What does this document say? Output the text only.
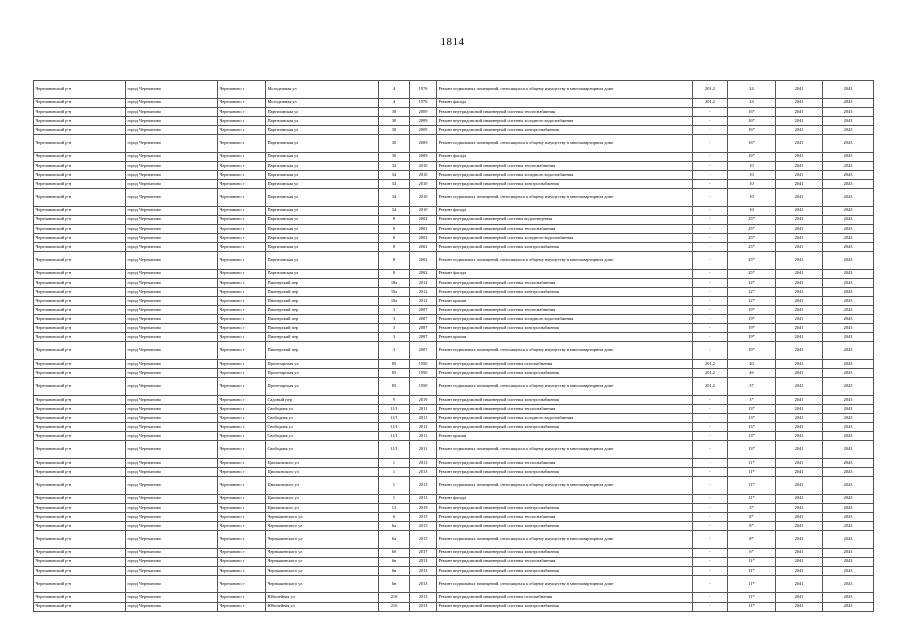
1814
Черепановский р-н	город Черепаново	Черепаново г	Молодежная ул	4	1976	Ремонт подвальных помещений, относящихся к общему имуществу в многоквартирном доме	201,2	24	2041	2043
Черепановский р-н	город Черепаново	Черепаново г	Молодежная ул	4	1976	Ремонт фасада	201,2	24	2041	2043
Черепановский р-н	город Черепаново	Черепаново г	Партизанская ул	30	2009	Ремонт внутридомовой инженерной системы теплоснабжения	-	16*	2041	2043
Черепановский р-н	город Черепаново	Черепаново г	Партизанская ул	30	2009	Ремонт внутридомовой инженерной системы холодного водоснабжения	-	16*	2041	2043
Черепановский р-н	город Черепаново	Черепаново г	Партизанская ул	30	2009	Ремонт внутридомовой инженерной системы электроснабжения	-	16*	2041	2043
Черепановский р-н	город Черепаново	Черепаново г	Партизанская ул	30	2009	Ремонт подвальных помещений, относящихся к общему имуществу в многоквартирном доме	-	16*	2041	2043
Черепановский р-н	город Черепаново	Черепаново г	Партизанская ул	30	2009	Ремонт фасада	-	16*	2041	2043
Черепановский р-н	город Черепаново	Черепаново г	Партизанская ул	34	2010	Ремонт внутридомовой инженерной системы теплоснабжения	-	10	2041	2043
Черепановский р-н	город Черепаново	Черепаново г	Партизанская ул	34	2010	Ремонт внутридомовой инженерной системы холодного водоснабжения	-	10	2041	2043
Черепановский р-н	город Черепаново	Черепаново г	Партизанская ул	34	2010	Ремонт внутридомовой инженерной системы электроснабжения	-	10	2041	2043
Черепановский р-н	город Черепаново	Черепаново г	Партизанская ул	34	2010	Ремонт подвальных помещений, относящихся к общему имуществу в многоквартирном доме	-	10	2041	2043
Черепановский р-н	город Черепаново	Черепаново г	Партизанская ул	34	2010	Ремонт фасада	-	10	2041	2043
Черепановский р-н	город Черепаново	Черепаново г	Партизанская ул	8	2002	Ремонт внутридомовой инженерной системы водоотведения	-	25*	2041	2043
Черепановский р-н	город Черепаново	Черепаново г	Партизанская ул	8	2002	Ремонт внутридомовой инженерной системы теплоснабжения	-	25*	2041	2043
Черепановский р-н	город Черепаново	Черепаново г	Партизанская ул	8	2002	Ремонт внутридомовой инженерной системы холодного водоснабжения	-	25*	2041	2043
Черепановский р-н	город Черепаново	Черепаново г	Партизанская ул	8	2002	Ремонт внутридомовой инженерной системы электроснабжения	-	25*	2041	2043
Черепановский р-н	город Черепаново	Черепаново г	Партизанская ул	8	2002	Ремонт подвальных помещений, относящихся к общему имуществу в многоквартирном доме	-	25*	2041	2043
Черепановский р-н	город Черепаново	Черепаново г	Партизанская ул	8	2002	Ремонт фасада	-	25*	2041	2043
Черепановский р-н	город Черепаново	Черепаново г	Пионерский пер	10а	2012	Ремонт внутридомовой инженерной системы теплоснабжения	-	12*	2041	2043
Черепановский р-н	город Черепаново	Черепаново г	Пионерский пер	10а	2012	Ремонт внутридомовой инженерной системы электроснабжения	-	12*	2041	2043
Черепановский р-н	город Черепаново	Черепаново г	Пионерский пер	10а	2012	Ремонт крыши	-	12*	2041	2043
Черепановский р-н	город Черепаново	Черепаново г	Пионерский пер	3	2007	Ремонт внутридомовой инженерной системы теплоснабжения	-	19*	2041	2043
Черепановский р-н	город Черепаново	Черепаново г	Пионерский пер	3	2007	Ремонт внутридомовой инженерной системы холодного водоснабжения	-	19*	2041	2043
Черепановский р-н	город Черепаново	Черепаново г	Пионерский пер	3	2007	Ремонт внутридомовой инженерной системы электроснабжения	-	19*	2041	2043
Черепановский р-н	город Черепаново	Черепаново г	Пионерский пер	3	2007	Ремонт крыши	-	19*	2041	2043
Черепановский р-н	город Черепаново	Черепаново г	Пионерский пер	3	2007	Ремонт подвальных помещений, относящихся к общему имуществу в многоквартирном доме	-	19*	2041	2043
Черепановский р-н	город Черепаново	Черепаново г	Пролетарская ул	85	1950	Ремонт внутридомовой инженерной системы газоснабжения	201,2	40	2041	2043
Черепановский р-н	город Черепаново	Черепаново г	Пролетарская ул	85	1950	Ремонт внутридомовой инженерной системы электроснабжения	201,2	46	2041	2043
Черепановский р-н	город Черепаново	Черепаново г	Пролетарская ул	85	1950	Ремонт подвальных помещений, относящихся к общему имуществу в многоквартирном доме	201,2	37	2041	2043
Черепановский р-н	город Черепаново	Черепаново г	Садовый пер	9	2019	Ремонт внутридомовой инженерной системы электроснабжения	-	3*	2041	2043
Черепановский р-н	город Черепаново	Черепаново г	Свободная ул	11/1	2011	Ремонт внутридомовой инженерной системы теплоснабжения	-	13*	2041	2043
Черепановский р-н	город Черепаново	Черепаново г	Свободная ул	11/1	2011	Ремонт внутридомовой инженерной системы холодного водоснабжения	-	13*	2041	2043
Черепановский р-н	город Черепаново	Черепаново г	Свободная ул	11/1	2011	Ремонт внутридомовой инженерной системы электроснабжения	-	13*	2041	2043
Черепановский р-н	город Черепаново	Черепаново г	Свободная ул	11/1	2011	Ремонт крыши	-	13*	2041	2043
Черепановский р-н	город Черепаново	Черепаново г	Свободная ул	11/1	2011	Ремонт подвальных помещений, относящихся к общему имуществу в многоквартирном доме	-	13*	2041	2043
Черепановский р-н	город Черепаново	Черепаново г	Циолковского ул	1	2013	Ремонт внутридомовой инженерной системы теплоснабжения	-	11*	2041	2043
Черепановский р-н	город Черепаново	Черепаново г	Циолковского ул	1	2013	Ремонт внутридомовой инженерной системы электроснабжения	-	11*	2041	2043
Черепановский р-н	город Черепаново	Черепаново г	Циолковского ул	1	2013	Ремонт подвальных помещений, относящихся к общему имуществу в многоквартирном доме	-	11*	2041	2043
Черепановский р-н	город Черепаново	Черепаново г	Циолковского ул	1	2013	Ремонт фасада	-	11*	2041	2043
Черепановский р-н	город Черепаново	Черепаново г	Циолковского ул	13	2019	Ремонт внутридомовой инженерной системы электроснабжения	-	3*	2041	2043
Черепановский р-н	город Черепаново	Черепаново г	Чернышевского ул	6	2015	Ремонт внутридомовой инженерной системы теплоснабжения	-	8*	2041	2043
Черепановский р-н	город Черепаново	Черепаново г	Чернышевского ул	6а	2015	Ремонт внутридомовой инженерной системы электроснабжения	-	8*	2041	2043
Черепановский р-н	город Черепаново	Черепаново г	Чернышевского ул	6а	2015	Ремонт подвальных помещений, относящихся к общему имуществу в многоквартирном доме	-	8*	2041	2043
Черепановский р-н	город Черепаново	Черепаново г	Чернышевского ул	6б	2017	Ремонт внутридомовой инженерной системы электроснабжения	-	6*	2041	2043
Черепановский р-н	город Черепаново	Черепаново г	Чернышевского ул	6в	2013	Ремонт внутридомовой инженерной системы теплоснабжения	-	11*	2041	2043
Черепановский р-н	город Черепаново	Черепаново г	Чернышевского ул	6в	2013	Ремонт внутридомовой инженерной системы электроснабжения	-	11*	2041	2043
Черепановский р-н	город Черепаново	Черепаново г	Чернышевского ул	6в	2013	Ремонт подвальных помещений, относящихся к общему имуществу в многоквартирном доме	-	11*	2041	2043
Черепановский р-н	город Черепаново	Черепаново г	Юбилейная ул	21б	2013	Ремонт внутридомовой инженерной системы газоснабжения	-	11*	2041	2043
Черепановский р-н	город Черепаново	Черепаново г	Юбилейная ул	21б	2013	Ремонт внутридомовой инженерной системы электроснабжения	-	11*	2041	2043
